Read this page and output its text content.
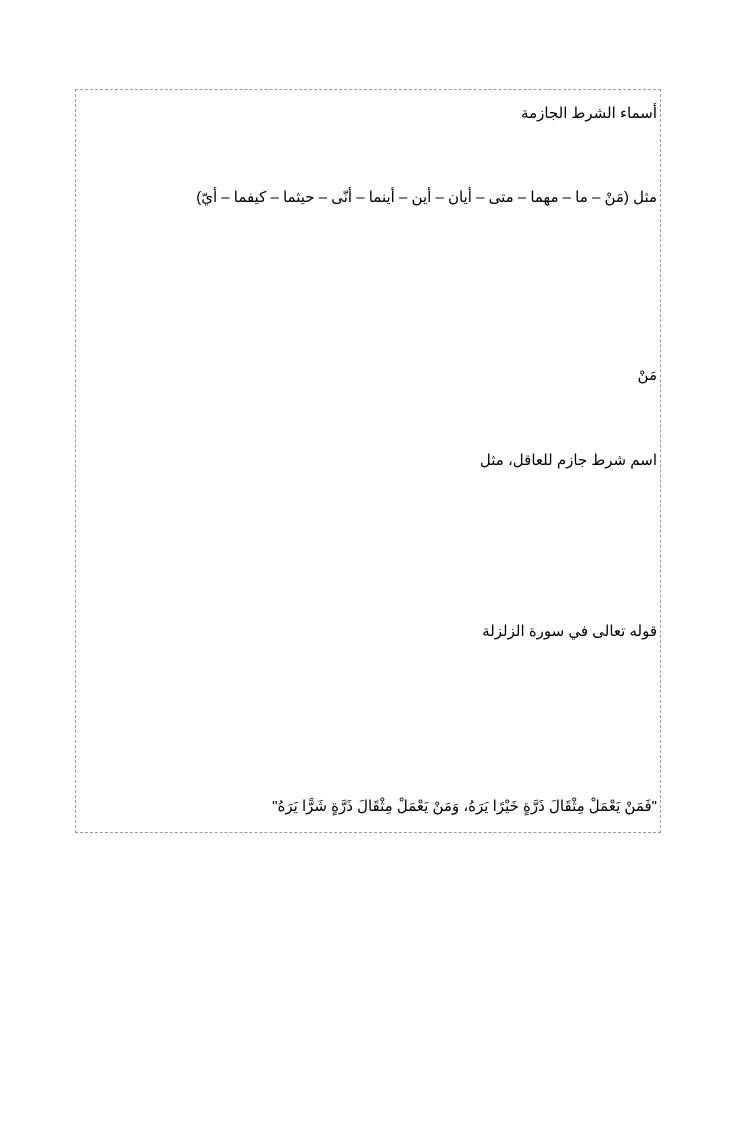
أسماء الشرط الجازمة
مثل (مَنْ – ما – مهما – متى – أيان – أين – أينما – أنّى – حيثما – كيفما – أيّ)
مَنْ
اسم شرط جازم للعاقل، مثل
قوله تعالى في سورة الزلزلة
"فَمَنْ يَعْمَلْ مِثْقَالَ ذَرَّةٍ خَيْرًا يَرَهُ، وَمَنْ يَعْمَلْ مِثْقَالَ ذَرَّةٍ شَرًّا يَرَهُ"
